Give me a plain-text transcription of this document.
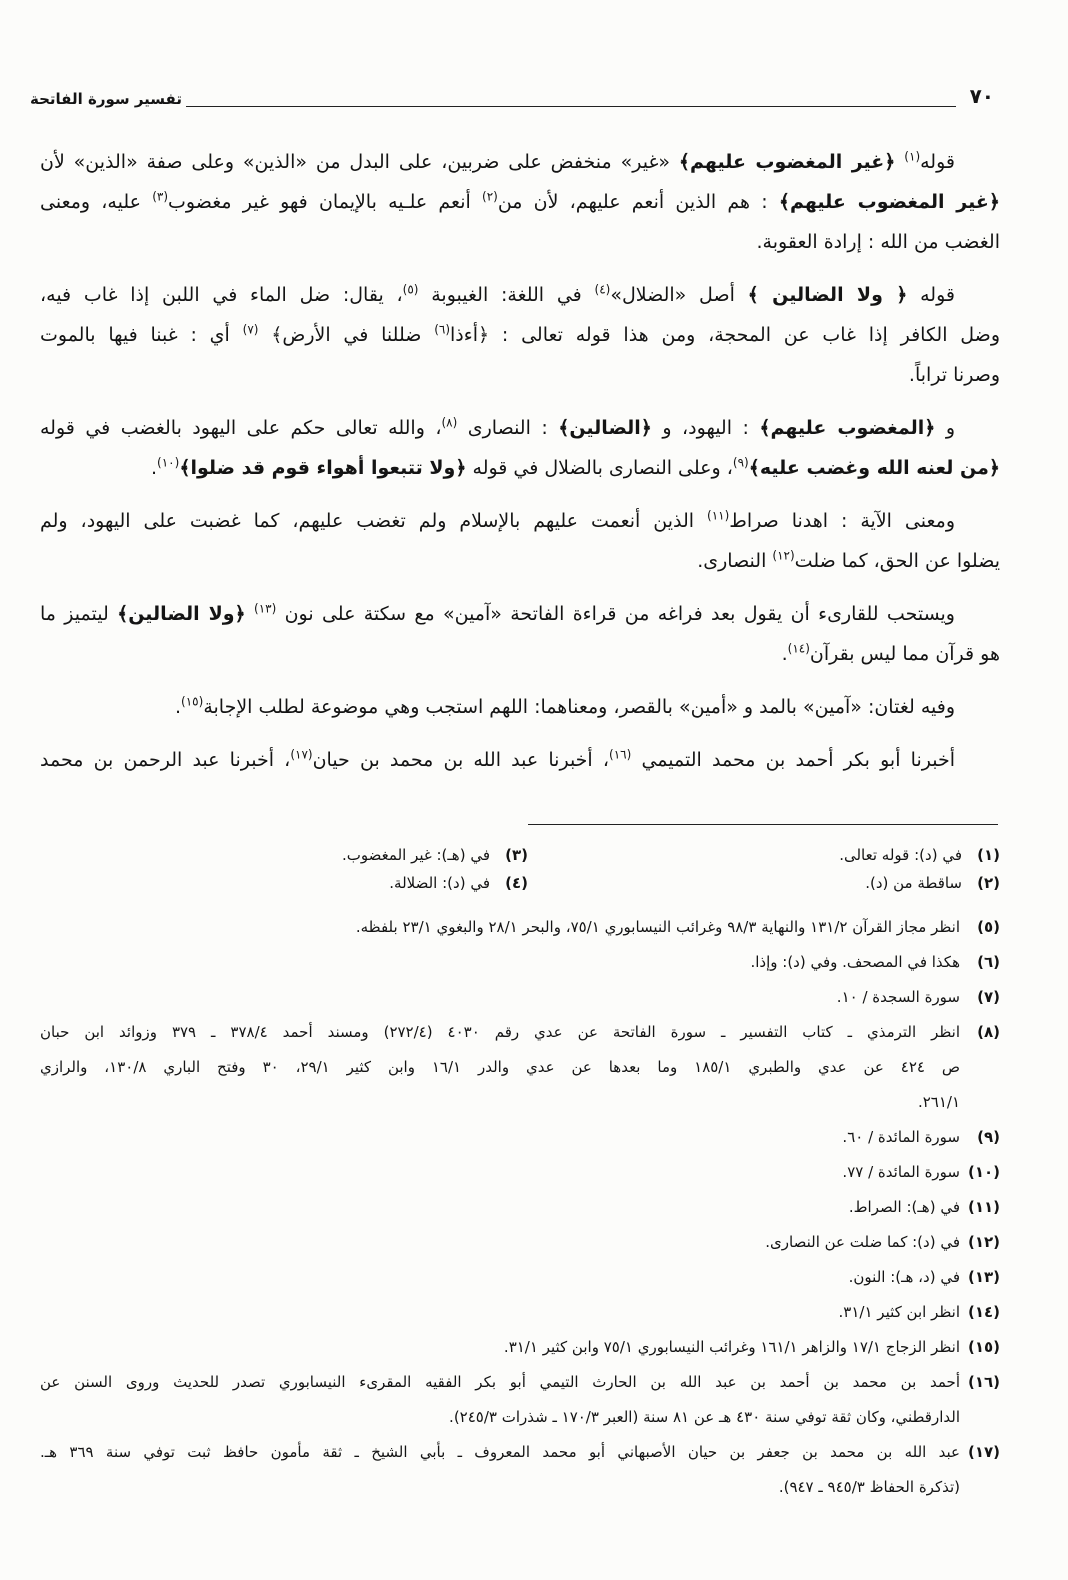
٧٠
تفسير سورة الفاتحة
قوله$^{(١)}$ ﴿غير المغضوب عليهم﴾ «غير» منخفض على ضربين، على البدل من «الذين» وعلى صفة «الذين» لأن
﴿غير المغضوب عليهم﴾ : هم الذين أنعم عليهم، لأن من$^{(٢)}$ أنعم علـيه بالإيمان فهو غير مغضوب$^{(٣)}$ عليه، ومعنى
الغضب من الله : إرادة العقوبة.
قوله ﴿ ولا الضالين ﴾ أصل «الضلال»$^{(٤)}$ في اللغة: الغيبوبة $^{(٥)}$، يقال: ضل الماء في اللبن إذا غاب فيه،
وضل الكافر إذا غاب عن المحجة، ومن هذا قوله تعالى : ﴿أءذا$^{(٦)}$ ضللنا في الأرض﴾ $^{(٧)}$ أي : غبنا فيها بالموت
وصرنا تراباً.
و ﴿المغضوب عليهم﴾ : اليهود، و ﴿الضالين﴾ : النصارى $^{(٨)}$، والله تعالى حكم على اليهود بالغضب في قوله
﴿من لعنه الله وغضب عليه﴾$^{(٩)}$، وعلى النصارى بالضلال في قوله ﴿ولا تتبعوا أهواء قوم قد ضلوا﴾$^{(١٠)}$.
ومعنى الآية : اهدنا صراط$^{(١١)}$ الذين أنعمت عليهم بالإسلام ولم تغضب عليهم، كما غضبت على اليهود، ولم
يضلوا عن الحق، كما ضلت$^{(١٢)}$ النصارى.
ويستحب للقارىء أن يقول بعد فراغه من قراءة الفاتحة «آمين» مع سكتة على نون $^{(١٣)}$ ﴿ولا الضالين﴾ ليتميز ما
هو قرآن مما ليس بقرآن$^{(١٤)}$.
وفيه لغتان: «آمين» بالمد و «أمين» بالقصر، ومعناهما: اللهم استجب وهي موضوعة لطلب الإجابة$^{(١٥)}$.
أخبرنا أبو بكر أحمد بن محمد التميمي $^{(١٦)}$، أخبرنا عبد الله بن محمد بن حيان$^{(١٧)}$، أخبرنا عبد الرحمن بن محمد
(١)
في (د): قوله تعالى.
(٣)
في (هـ): غير المغضوب.
(٢)
ساقطة من (د).
(٤)
في (د): الضلالة.
(٥)
انظر مجاز القرآن ١٣١/٢ والنهاية ٩٨/٣ وغرائب النيسابوري ٧٥/١، والبحر ٢٨/١ والبغوي ٢٣/١ بلفظه.
(٦)
هكذا في المصحف. وفي (د): وإذا.
(٧)
سورة السجدة / ١٠.
(٨)
انظر الترمذي ـ كتاب التفسير ـ سورة الفاتحة عن عدي رقم ٤٠٣٠ (٢٧٢/٤) ومسند أحمد ٣٧٨/٤ ـ ٣٧٩ وزوائد ابن حبان
ص ٤٢٤ عن عدي والطبري ١٨٥/١ وما بعدها عن عدي والدر ١٦/١ وابن كثير ٢٩/١، ٣٠ وفتح الباري ١٣٠/٨، والرازي
٢٦١/١.
(٩)
سورة المائدة / ٦٠.
(١٠)
سورة المائدة / ٧٧.
(١١)
في (هـ): الصراط.
(١٢)
في (د): كما ضلت عن النصارى.
(١٣)
في (د، هـ): النون.
(١٤)
انظر ابن كثير ٣١/١.
(١٥)
انظر الزجاج ١٧/١ والزاهر ١٦١/١ وغرائب النيسابوري ٧٥/١ وابن كثير ٣١/١.
(١٦)
أحمد بن محمد بن أحمد بن عبد الله بن الحارث التيمي أبو بكر الفقيه المقرىء النيسابوري تصدر للحديث وروى السنن عن
الدارقطني، وكان ثقة توفي سنة ٤٣٠ هـ عن ٨١ سنة (العبر ١٧٠/٣ ـ شذرات ٢٤٥/٣).
(١٧)
عبد الله بن محمد بن جعفر بن حيان الأصبهاني أبو محمد المعروف ـ بأبي الشيخ ـ ثقة مأمون حافظ ثبت توفي سنة ٣٦٩ هـ.
(تذكرة الحفاظ ٩٤٥/٣ ـ ٩٤٧).
